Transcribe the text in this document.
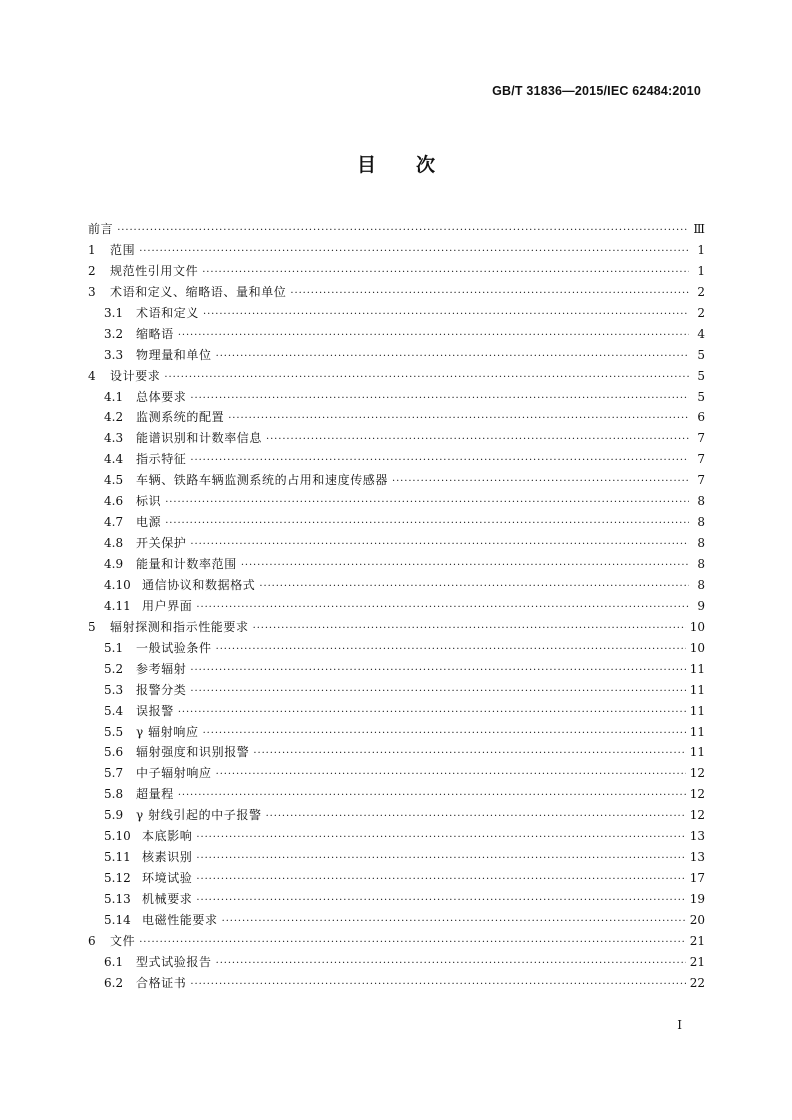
GB/T 31836—2015/IEC 62484:2010
目 次
前言 ·····	Ⅲ
1	范围 ·····	1
2	规范性引用文件 ·····	1
3	术语和定义、缩略语、量和单位 ·····	2
3.1	术语和定义 ·····	2
3.2	缩略语 ·····	4
3.3	物理量和单位 ·····	5
4	设计要求 ·····	5
4.1	总体要求 ·····	5
4.2	监测系统的配置 ·····	6
4.3	能谱识别和计数率信息 ·····	7
4.4	指示特征 ·····	7
4.5	车辆、铁路车辆监测系统的占用和速度传感器 ·····	7
4.6	标识 ·····	8
4.7	电源 ·····	8
4.8	开关保护 ·····	8
4.9	能量和计数率范围 ·····	8
4.10 通信协议和数据格式 ·····	8
4.11 用户界面 ·····	9
5	辐射探测和指示性能要求 ·····	10
5.1	一般试验条件 ·····	10
5.2	参考辐射 ·····	11
5.3	报警分类 ·····	11
5.4	误报警 ·····	11
5.5	γ 辐射响应 ·····	11
5.6	辐射强度和识别报警 ·····	11
5.7	中子辐射响应 ·····	12
5.8	超量程 ·····	12
5.9	γ 射线引起的中子报警 ·····	12
5.10 本底影响 ·····	13
5.11 核素识别 ·····	13
5.12 环境试验 ·····	17
5.13 机械要求 ·····	19
5.14 电磁性能要求 ·····	20
6	文件 ·····	21
6.1	型式试验报告 ·····	21
6.2	合格证书 ·····	22
I
